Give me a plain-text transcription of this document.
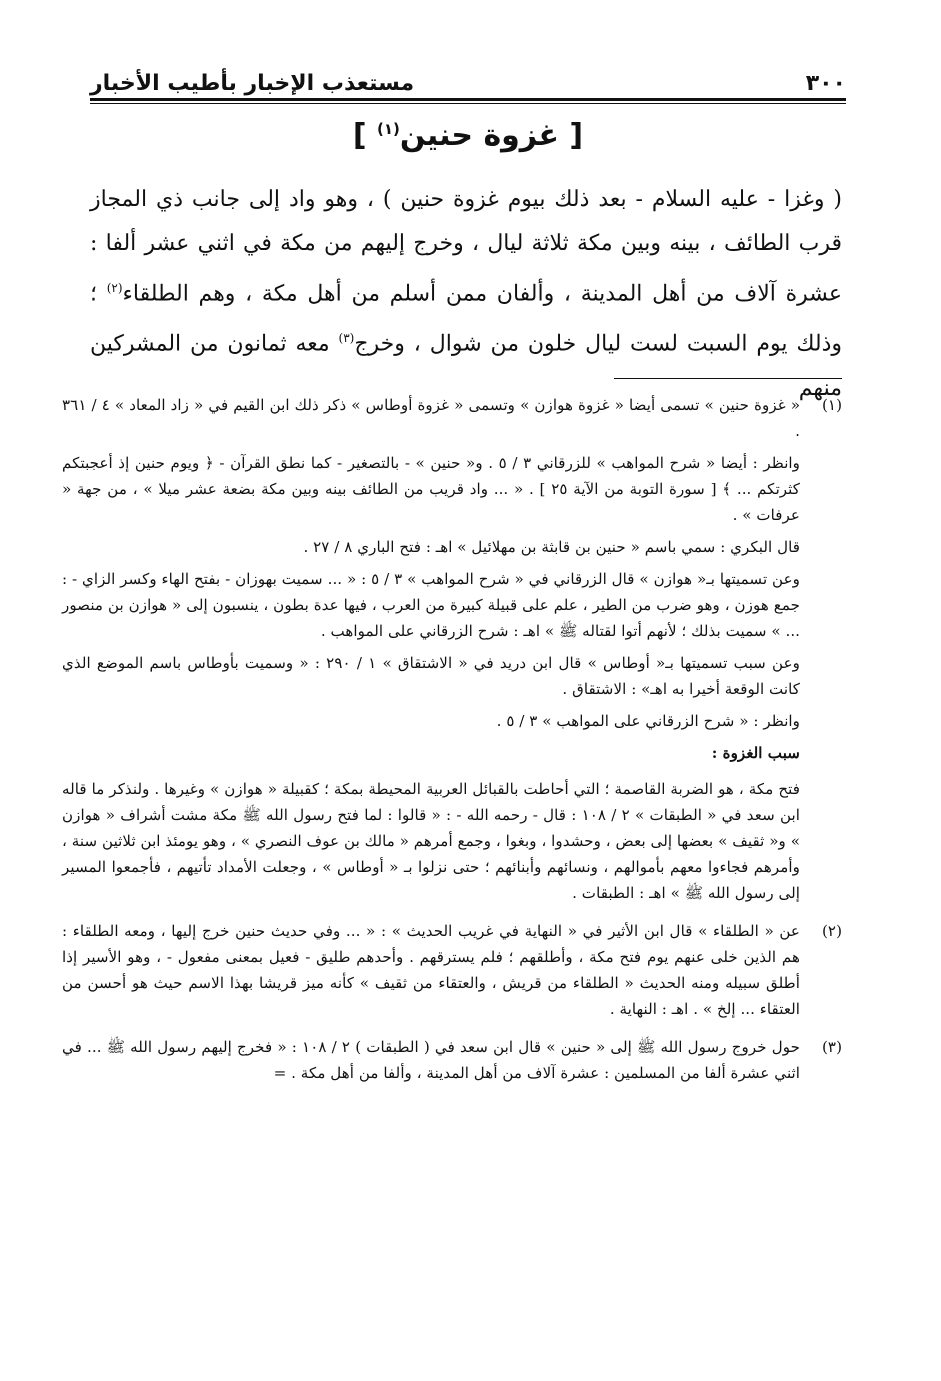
٣٠٠
مستعذب الإخبار بأطيب الأخبار
[ غزوة حنين$^{(١)}$ ]

( وغزا - عليه السلام - بعد ذلك بيوم غزوة حنين ) ، وهو واد إلى جانب ذي المجاز قرب الطائف ، بينه وبين مكة ثلاثة ليال ، وخرج إليهم من مكة في اثني عشر ألفا : عشرة آلاف من أهل المدينة ، وألفان ممن أسلم من أهل مكة ، وهم الطلقاء$^{(٢)}$ ؛ وذلك يوم السبت لست ليال خلون من شوال ، وخرج$^{(٣)}$ معه ثمانون من المشركين منهم

(١)

« غزوة حنين » تسمى أيضا « غزوة هوازن » وتسمى « غزوة أوطاس » ذكر ذلك ابن القيم في « زاد المعاد » ٤ / ٣٦١ .

وانظر : أيضا « شرح المواهب » للزرقاني ٣ / ٥ . و« حنين » - بالتصغير - كما نطق القرآن - ﴿ ويوم حنين إذ أعجبتكم كثرتكم ... ﴾ [ سورة التوبة من الآية ٢٥ ] . « ... واد قريب من الطائف بينه وبين مكة بضعة عشر ميلا » ، من جهة « عرفات » .

قال البكري : سمي باسم « حنين بن قابثة بن مهلائيل » اهـ : فتح الباري ٨ / ٢٧ .

وعن تسميتها بـ« هوازن » قال الزرقاني في « شرح المواهب » ٣ / ٥ : « ... سميت بهوزان - بفتح الهاء وكسر الزاي - : جمع هوزن ، وهو ضرب من الطير ، علم على قبيلة كبيرة من العرب ، فيها عدة بطون ، ينسبون إلى « هوازن بن منصور ... » سميت بذلك ؛ لأنهم أتوا لقتاله ﷺ » اهـ : شرح الزرقاني على المواهب .

وعن سبب تسميتها بـ« أوطاس » قال ابن دريد في « الاشتقاق » ١ / ٢٩٠ : « وسميت بأوطاس باسم الموضع الذي كانت الوقعة أخيرا به اهـ» : الاشتقاق .

وانظر : « شرح الزرقاني على المواهب » ٣ / ٥ .

سبب الغزوة :

فتح مكة ، هو الضربة القاصمة ؛ التي أحاطت بالقبائل العربية المحيطة بمكة ؛ كقبيلة « هوازن » وغيرها . ولنذكر ما قاله ابن سعد في « الطبقات » ٢ / ١٠٨ : قال - رحمه الله - : « قالوا : لما فتح رسول الله ﷺ مكة مشت أشراف « هوازن » و« ثقيف » بعضها إلى بعض ، وحشدوا ، وبغوا ، وجمع أمرهم « مالك بن عوف النصري » ، وهو يومئذ ابن ثلاثين سنة ، وأمرهم فجاءوا معهم بأموالهم ، ونسائهم وأبنائهم ؛ حتى نزلوا بـ « أوطاس » ، وجعلت الأمداد تأتيهم ، فأجمعوا المسير إلى رسول الله ﷺ » اهـ : الطبقات .

(٢)

عن « الطلقاء » قال ابن الأثير في « النهاية في غريب الحديث » : « ... وفي حديث حنين خرج إليها ، ومعه الطلقاء : هم الذين خلى عنهم يوم فتح مكة ، وأطلقهم ؛ فلم يسترقهم . وأحدهم طليق - فعيل بمعنى مفعول - ، وهو الأسير إذا أطلق سبيله ومنه الحديث « الطلقاء من قريش ، والعتقاء من ثقيف » كأنه ميز قريشا بهذا الاسم حيث هو أحسن من العتقاء ... إلخ » . اهـ : النهاية .

(٣)

حول خروج رسول الله ﷺ إلى « حنين » قال ابن سعد في ( الطبقات ) ٢ / ١٠٨ : « فخرج إليهم رسول الله ﷺ ... في اثني عشرة ألفا من المسلمين : عشرة آلاف من أهل المدينة ، وألفا من أهل مكة . =
